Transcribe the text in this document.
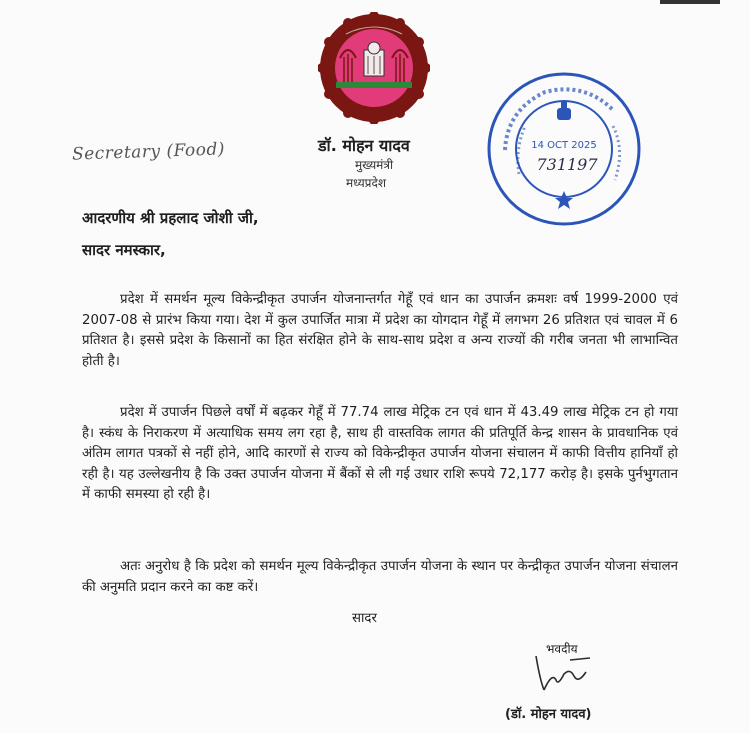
14 OCT 2025
731197
Secretary (Food)	डॉ. मोहन यादव
मुख्यमंत्री
मध्यप्रदेश
आदरणीय श्री प्रहलाद जोशी जी,
सादर नमस्कार,

प्रदेश में समर्थन मूल्य विकेन्द्रीकृत उपार्जन योजनान्तर्गत गेहूँ एवं धान का उपार्जन क्रमशः वर्ष 1999-2000 एवं 2007-08 से प्रारंभ किया गया। देश में कुल उपार्जित मात्रा में प्रदेश का योगदान गेहूँ में लगभग 26 प्रतिशत एवं चावल में 6 प्रतिशत है। इससे प्रदेश के किसानों का हित संरक्षित होने के साथ-साथ प्रदेश व अन्य राज्यों की गरीब जनता भी लाभान्वित होती है।

प्रदेश में उपार्जन पिछले वर्षों में बढ़कर गेहूँ में 77.74 लाख मेट्रिक टन एवं धान में 43.49 लाख मेट्रिक टन हो गया है। स्कंध के निराकरण में अत्याधिक समय लग रहा है, साथ ही वास्तविक लागत की प्रतिपूर्ति केन्द्र शासन के प्रावधानिक एवं अंतिम लागत पत्रकों से नहीं होने, आदि कारणों से राज्य को विकेन्द्रीकृत उपार्जन योजना संचालन में काफी वित्तीय हानियाँ हो रही है। यह उल्लेखनीय है कि उक्त उपार्जन योजना में बैंकों से ली गई उधार राशि रूपये 72,177 करोड़ है। इसके पुर्नभुगतान में काफी समस्या हो रही है।

अतः अनुरोध है कि प्रदेश को समर्थन मूल्य विकेन्द्रीकृत उपार्जन योजना के स्थान पर केन्द्रीकृत उपार्जन योजना संचालन की अनुमति प्रदान करने का कष्ट करें।

सादर
भवदीय
(डॉ. मोहन यादव)
